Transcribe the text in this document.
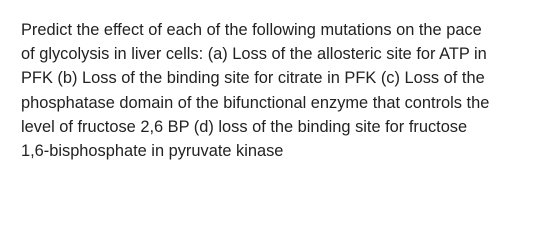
Predict the effect of each of the following mutations on the pace
of glycolysis in liver cells: (a) Loss of the allosteric site for ATP in
PFK (b) Loss of the binding site for citrate in PFK (c) Loss of the
phosphatase domain of the bifunctional enzyme that controls the
level of fructose 2,6 BP (d) loss of the binding site for fructose
1,6-bisphosphate in pyruvate kinase
